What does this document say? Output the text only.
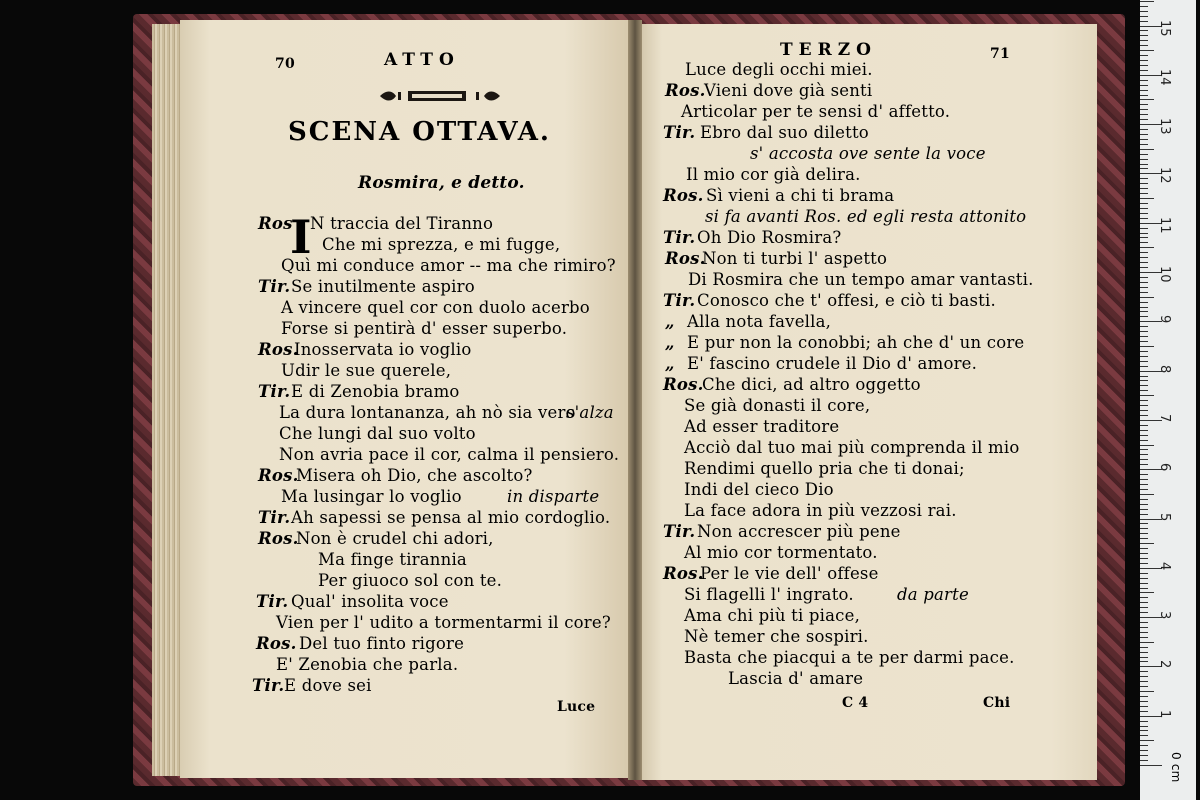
70	ATTO
SCENA OTTAVA.
Rosmira, e detto.
I
Ros N traccia del Tiranno
Che mi sprezza, e mi fugge,
Quì mi conduce amor -- ma che rimiro?
Tir. Se inutilmente aspiro
A vincere quel cor con duolo acerbo
Forse si pentirà d' esser superbo.
Ros.
Inosservata io voglio
Udir le sue querele,
Tir. E di Zenobia bramo
La dura lontananza, ah nò sia vero
s'alza
Che lungi dal suo volto
Non avria pace il cor, calma il pensiero.
Ros.
Misera oh Dio, che ascolto?
Ma lusingar lo voglio	in disparte
Tir. Ah sapessi se pensa al mio cordoglio.
Ros.
Non è crudel chi adori,
Ma finge tirannia
Per giuoco sol con te.
Tir. Qual' insolita voce
Vien per l' udito a tormentarmi il core?
Ros. Del tuo finto rigore
E' Zenobia che parla.
Tir. E dove sei
Luce
TERZO	71
Luce degli occhi miei.
Ros.
Vieni dove già senti
Articolar per te sensi d' affetto.
Tir. Ebro dal suo diletto
s' accosta ove sente la voce
Il mio cor già delira.
Ros. Sì vieni a chi ti brama
si fa avanti Ros. ed egli resta attonito
Tir. Oh Dio Rosmira?
Ros.
Non ti turbi l' aspetto
Di Rosmira che un tempo amar vantasti.
Tir. Conosco che t' offesi, e ciò ti basti.
„ Alla nota favella,
„ E pur non la conobbi; ah che d' un core
„ E' fascino crudele il Dio d' amore.
Ros.
Che dici, ad altro oggetto
Se già donasti il core,
Ad esser traditore
Acciò dal tuo mai più comprenda il mio
Rendimi quello pria che ti donai;
Indi del cieco Dio
La face adora in più vezzosi rai.
Tir. Non accrescer più pene
Al mio cor tormentato.
Ros.
Per le vie dell' offese
Si flagelli l' ingrato.	da parte
Ama chi più ti piace,
Nè temer che sospiri.
Basta che piacqui a te per darmi pace.
Lascia d' amare
C 4	Chi
1
2
3
4
5
6
7
8
9
10
11
12
13
14
15
0 cm
